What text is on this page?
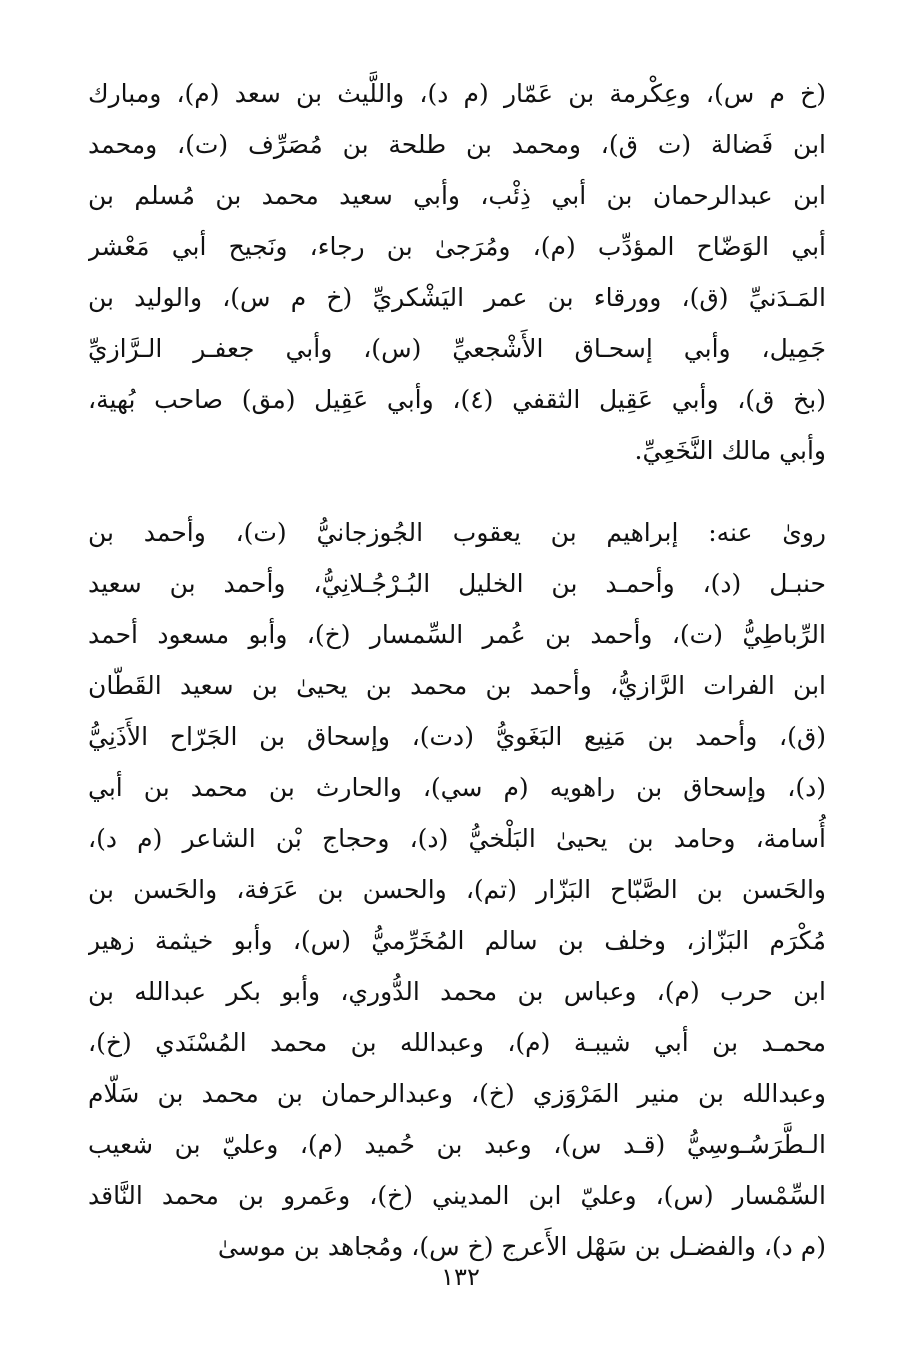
(خ م س)، وعِكْرمة بن عَمّار (م د)، واللَّيث بن سعد (م)، ومبارك
ابن فَضالة (ت ق)، ومحمد بن طلحة بن مُصَرِّف (ت)، ومحمد
ابن عبدالرحمان بن أبي ذِئْب، وأبي سعيد محمد بن مُسلم بن
أبي الوَضّاح المؤدِّب (م)، ومُرَجىٰ بن رجاء، ونَجيح أبي مَعْشر
المَـدَنيِّ (ق)، وورقاء بن عمر اليَشْكريِّ (خ م س)، والوليد بن
جَمِيل، وأبي إسحـاق الأَشْجعيِّ (س)، وأبي جعفـر الـرَّازيِّ
(بخ ق)، وأبي عَقِيل الثقفي (٤)، وأبي عَقِيل (مق) صاحب بُهية،
وأبي مالك النَّخَعِيِّ.
رویٰ عنه: إبراهيم بن يعقوب الجُوزجانيُّ (ت)، وأحمد بن
حنبـل (د)، وأحمـد بن الخليل البُـرْجُـلانِيُّ، وأحمد بن سعيد
الرِّباطِيُّ (ت)، وأحمد بن عُمر السِّمسار (خ)، وأبو مسعود أحمد
ابن الفرات الرَّازيُّ، وأحمد بن محمد بن يحيىٰ بن سعيد القَطّان
(ق)، وأحمد بن مَنِيع البَغَويُّ (دت)، وإسحاق بن الجَرّاح الأَذَنِيُّ
(د)، وإسحاق بن راهويه (م سي)، والحارث بن محمد بن أبي
أُسامة، وحامد بن يحيىٰ البَلْخيُّ (د)، وحجاج بْن الشاعر (م د)،
والحَسن بن الصَّبّاح البَزّار (تم)، والحسن بن عَرَفة، والحَسن بن
مُكْرَم البَزّاز، وخلف بن سالم المُخَرِّميُّ (س)، وأبو خيثمة زهير
ابن حرب (م)، وعباس بن محمد الدُّوري، وأبو بكر عبدالله بن
محمـد بن أبي شيبـة (م)، وعبدالله بن محمد المُسْنَدي (خ)،
وعبدالله بن منير المَرْوَزي (خ)، وعبدالرحمان بن محمد بن سَلّام
الـطَّرَسُـوسِيُّ (قـد س)، وعبد بن حُميد (م)، وعليّ بن شعيب
السِّمْسار (س)، وعليّ ابن المديني (خ)، وعَمرو بن محمد النَّاقد
(م د)، والفضـل بن سَهْل الأَعرج (خ س)، ومُجاهد بن موسىٰ
١٣٢
